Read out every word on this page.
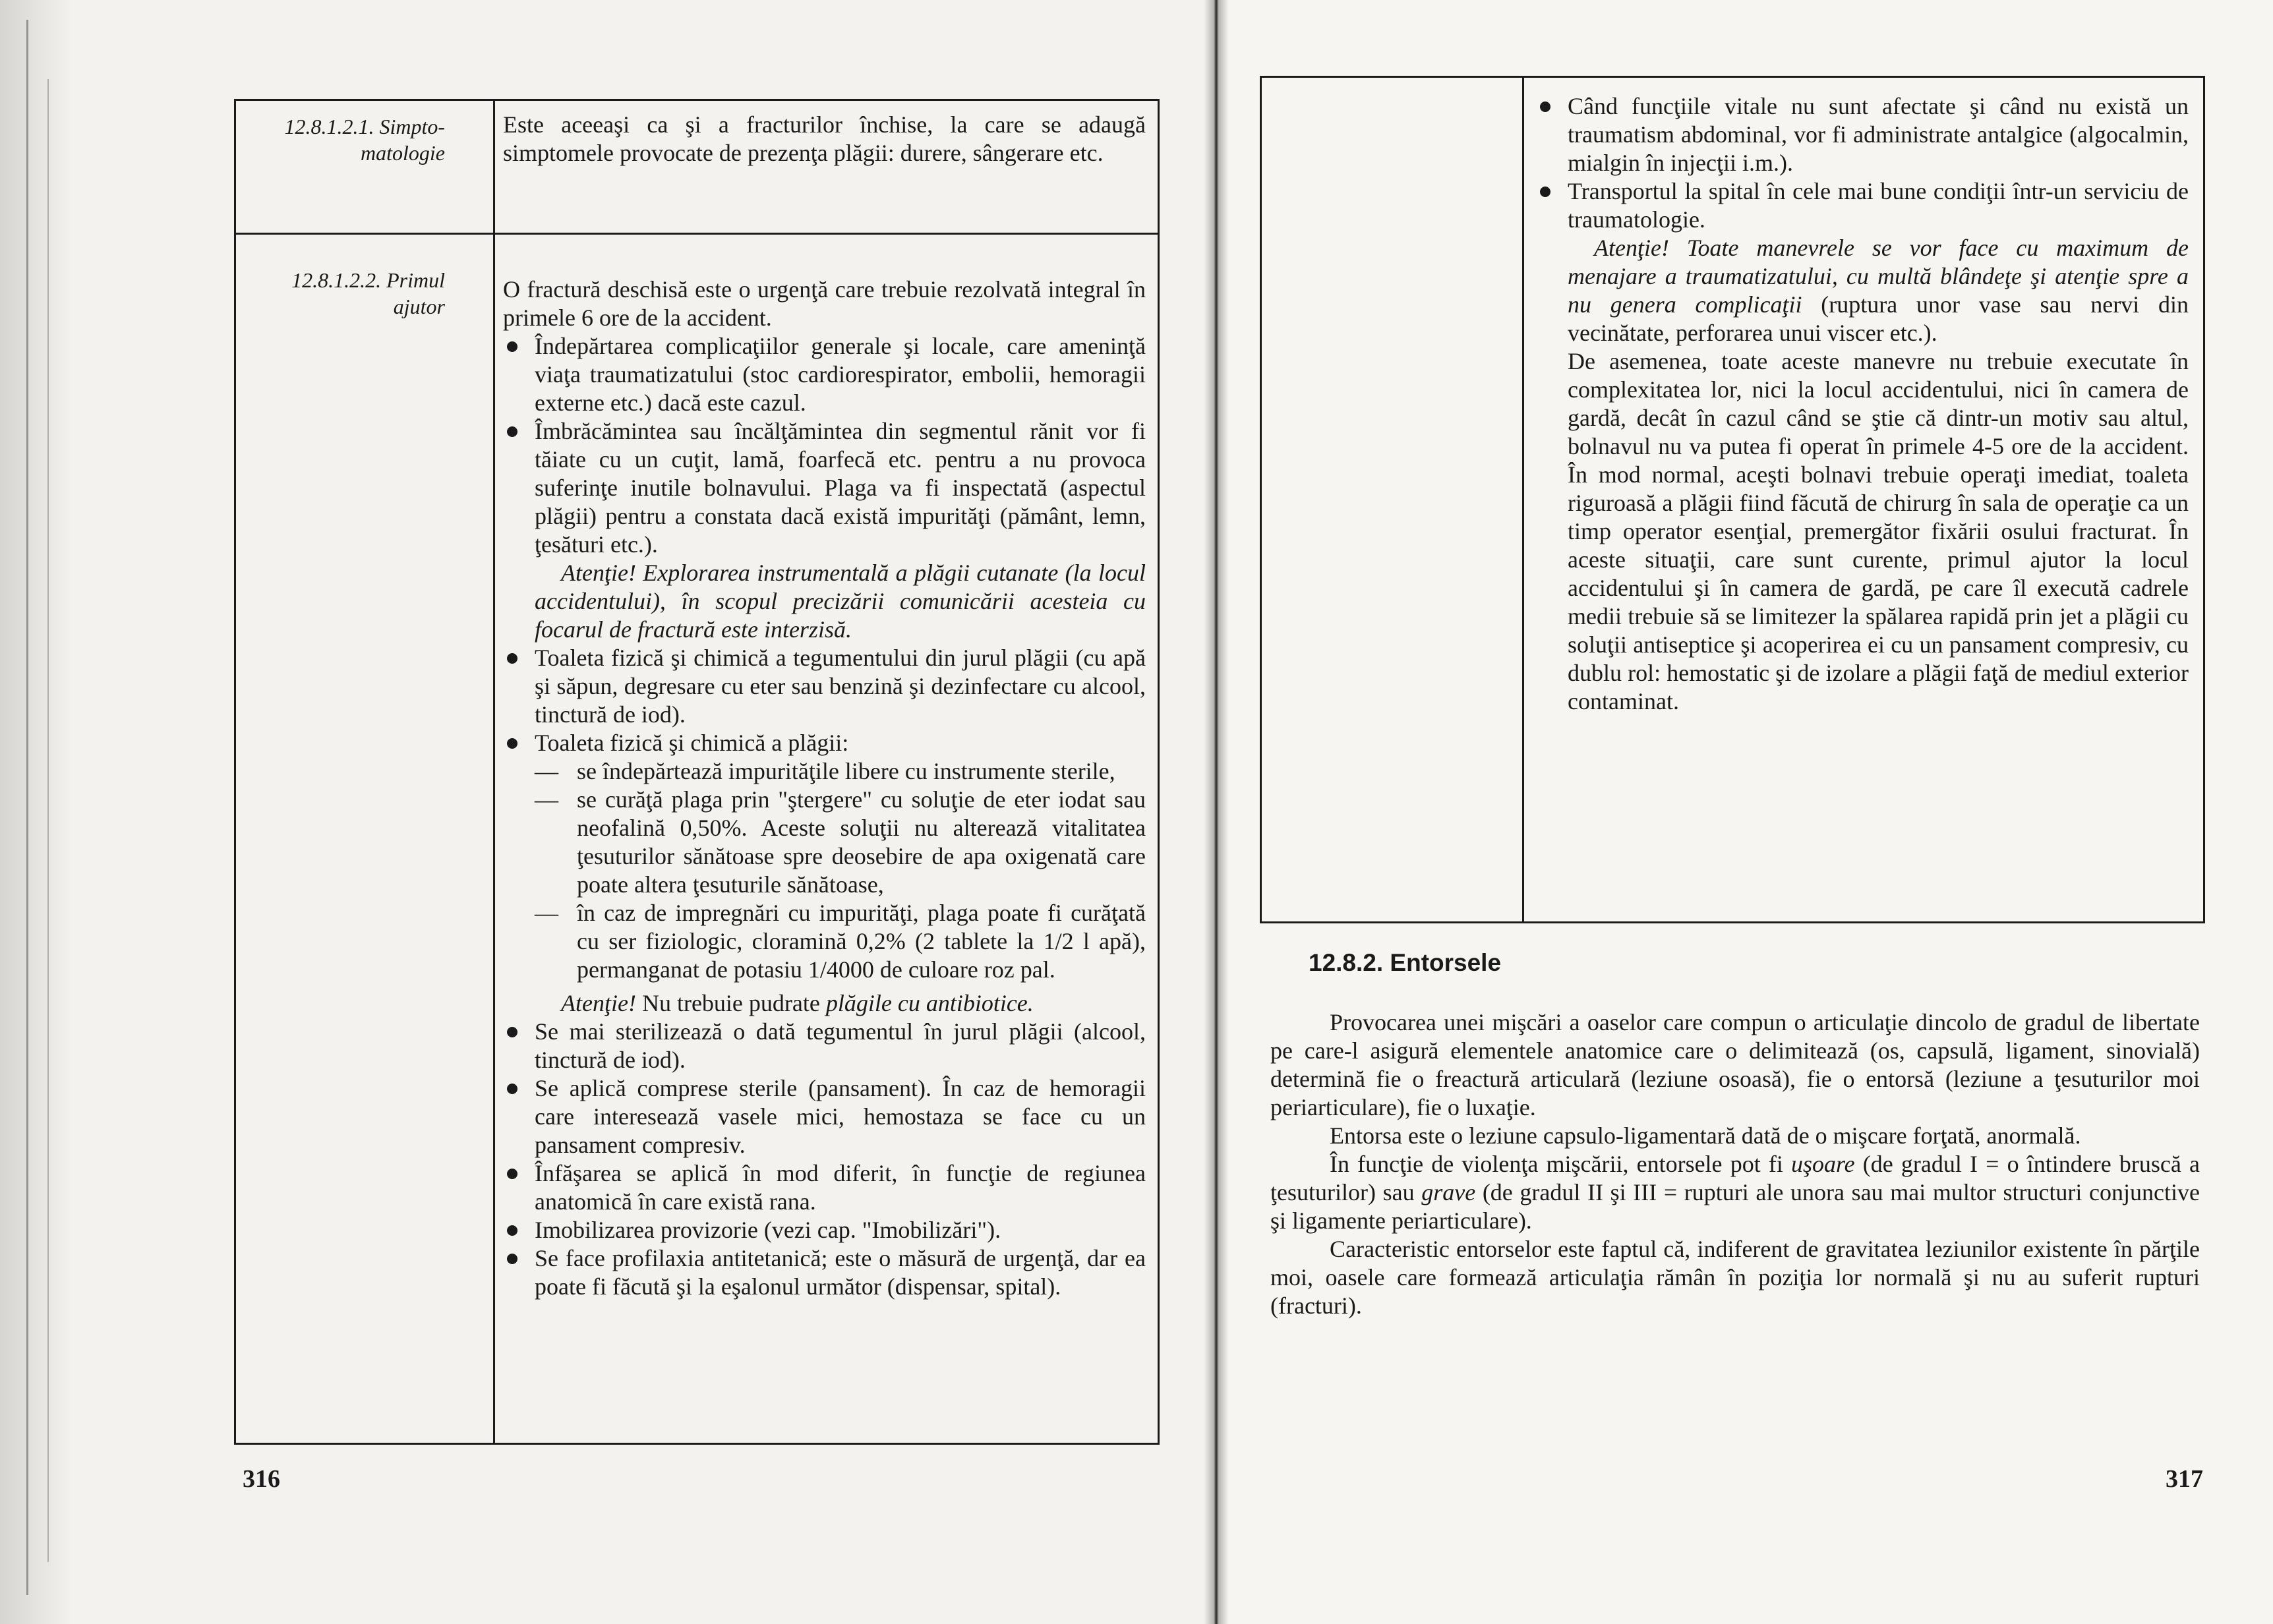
12.8.1.2.1. Simpto-matologie
Este aceeaşi ca şi a fracturilor închise, la care se adaugă simptomele provocate de prezenţa plăgii: durere, sângerare etc.
12.8.1.2.2. Primul ajutor

O fractură deschisă este o urgenţă care trebuie rezolvată integral în primele 6 ore de la accident.

Îndepărtarea complicaţiilor generale şi locale, care ameninţă viaţa traumatizatului (stoc cardiorespirator, embolii, hemoragii externe etc.) dacă este cazul.
Îmbrăcămintea sau încălţămintea din segmentul rănit vor fi tăiate cu un cuţit, lamă, foarfecă etc. pentru a nu provoca suferinţe inutile bolnavului. Plaga va fi inspectată (aspectul plăgii) pentru a constata dacă există impurităţi (pământ, lemn, ţesături etc.).

Atenţie! Explorarea instrumentală a plăgii cutanate (la locul accidentului), în scopul precizării comunicării acesteia cu focarul de fractură este interzisă.

Toaleta fizică şi chimică a tegumentului din jurul plăgii (cu apă şi săpun, degresare cu eter sau benzină şi dezinfectare cu alcool, tinctură de iod).
Toaleta fizică şi chimică a plăgii:
— se îndepărtează impurităţile libere cu instrumente sterile,
— se curăţă plaga prin "ştergere" cu soluţie de eter iodat sau neofalină 0,50%. Aceste soluţii nu alterează vitalitatea ţesuturilor sănătoase spre deosebire de apa oxigenată care poate altera ţesuturile sănătoase,
— în caz de impregnări cu impurităţi, plaga poate fi curăţată cu ser fiziologic, cloramină 0,2% (2 tablete la 1/2 l apă), permanganat de potasiu 1/4000 de culoare roz pal.

Atenţie! Nu trebuie pudrate plăgile cu antibiotice.

Se mai sterilizează o dată tegumentul în jurul plăgii (alcool, tinctură de iod).
Se aplică comprese sterile (pansament). În caz de hemoragii care interesează vasele mici, hemostaza se face cu un pansament compresiv.
Înfăşarea se aplică în mod diferit, în funcţie de regiunea anatomică în care există rana.
Imobilizarea provizorie (vezi cap. "Imobilizări").
Se face profilaxia antitetanică; este o măsură de urgenţă, dar ea poate fi făcută şi la eşalonul următor (dispensar, spital).
316
Când funcţiile vitale nu sunt afectate şi când nu există un traumatism abdominal, vor fi administrate antalgice (algocalmin, mialgin în injecţii i.m.).
Transportul la spital în cele mai bune condiţii într-un serviciu de traumatologie.

Atenţie! Toate manevrele se vor face cu maximum de menajare a traumatizatului, cu multă blândeţe şi atenţie spre a nu genera complicaţii (ruptura unor vase sau nervi din vecinătate, perforarea unui viscer etc.).

De asemenea, toate aceste manevre nu trebuie executate în complexitatea lor, nici la locul accidentului, nici în camera de gardă, decât în cazul când se ştie că dintr-un motiv sau altul, bolnavul nu va putea fi operat în primele 4-5 ore de la accident. În mod normal, aceşti bolnavi trebuie operaţi imediat, toaleta riguroasă a plăgii fiind făcută de chirurg în sala de operaţie ca un timp operator esenţial, premergător fixării osului fracturat. În aceste situaţii, care sunt curente, primul ajutor la locul accidentului şi în camera de gardă, pe care îl execută cadrele medii trebuie să se limitezer la spălarea rapidă prin jet a plăgii cu soluţii antiseptice şi acoperirea ei cu un pansament compresiv, cu dublu rol: hemostatic şi de izolare a plăgii faţă de mediul exterior contaminat.

12.8.2. Entorsele

Provocarea unei mişcări a oaselor care compun o articulaţie dincolo de gradul de libertate pe care-l asigură elementele anatomice care o delimitează (os, capsulă, ligament, sinovială) determină fie o freactură articulară (leziune osoasă), fie o entorsă (leziune a ţesuturilor moi periarticulare), fie o luxaţie.

Entorsa este o leziune capsulo-ligamentară dată de o mişcare forţată, anormală.

În funcţie de violenţa mişcării, entorsele pot fi uşoare (de gradul I = o întindere bruscă a ţesuturilor) sau grave (de gradul II şi III = rupturi ale unora sau mai multor structuri conjunctive şi ligamente periarticulare).

Caracteristic entorselor este faptul că, indiferent de gravitatea leziunilor existente în părţile moi, oasele care formează articulaţia rămân în poziţia lor normală şi nu au suferit rupturi (fracturi).

317
